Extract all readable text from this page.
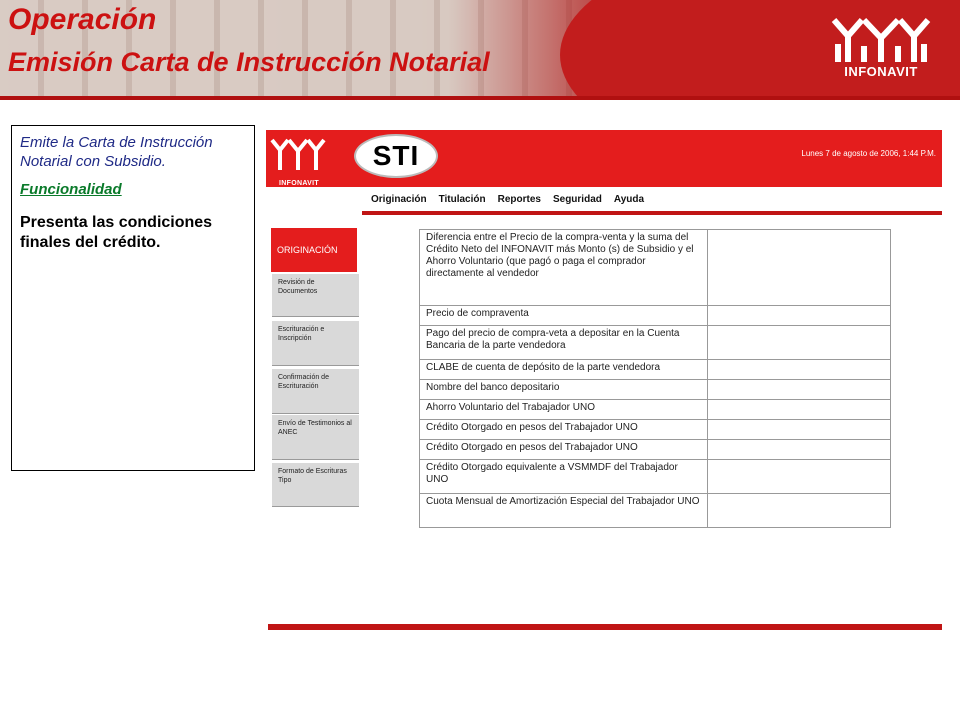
Operación
Emisión Carta de Instrucción Notarial	INFONAVIT
Emite la Carta de Instrucción Notarial con Subsidio.
Funcionalidad
Presenta las condiciones finales del crédito.
INFONAVIT
STI	Lunes 7 de agosto de 2006, 1:44 P.M.
Originación Titulación Reportes Seguridad Ayuda
ORIGINACIÓN
Revisión de Documentos
Escrituración e Inscripción
Confirmación de Escrituración
Envío de Testimonios al ANEC
Formato de Escrituras Tipo
Diferencia entre el Precio de la compra-venta y la suma del Crédito Neto del INFONAVIT más Monto (s) de Subsidio y el Ahorro Voluntario (que pagó o paga el comprador directamente al vendedor	
Precio de compraventa	
Pago del precio de compra-veta a depositar en la Cuenta Bancaria de la parte vendedora	
CLABE de cuenta de depósito de la parte vendedora	
Nombre del banco depositario	
Ahorro Voluntario del Trabajador UNO	
Crédito Otorgado en pesos del Trabajador UNO	
Crédito Otorgado en pesos del Trabajador UNO	
Crédito Otorgado equivalente a VSMMDF del Trabajador UNO	
Cuota Mensual de Amortización Especial del Trabajador UNO	
